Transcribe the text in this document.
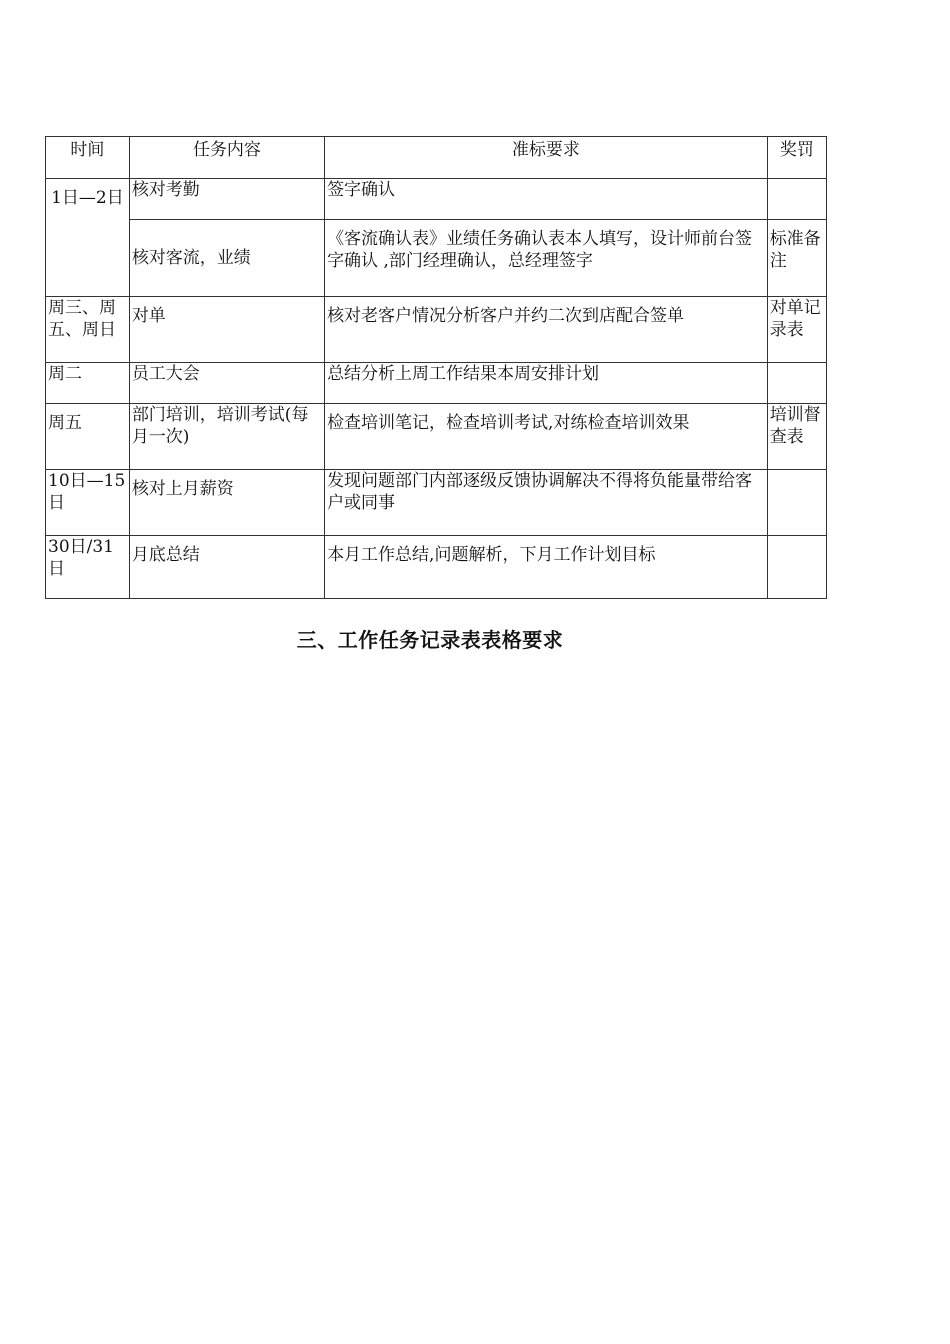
时间	任务内容	准标要求	奖罚
1日—2日	核对考勤	签字确认	
	核对客流，业绩	《客流确认表》业绩任务确认表本人填写，设计师前台签字确认 ,部门经理确认，总经理签字	标准备注
周三、周五、周日	对单	核对老客户情况分析客户并约二次到店配合签单	对单记录表
周二	员工大会	总结分析上周工作结果本周安排计划	
周五	部门培训，培训考试(每月一次)	检查培训笔记，检查培训考试,对练检查培训效果	培训督查表
10日—15日	核对上月薪资	发现问题部门内部逐级反馈协调解决不得将负能量带给客户或同事	
30日/31日	月底总结	本月工作总结,问题解析，下月工作计划目标	
三、工作任务记录表表格要求
